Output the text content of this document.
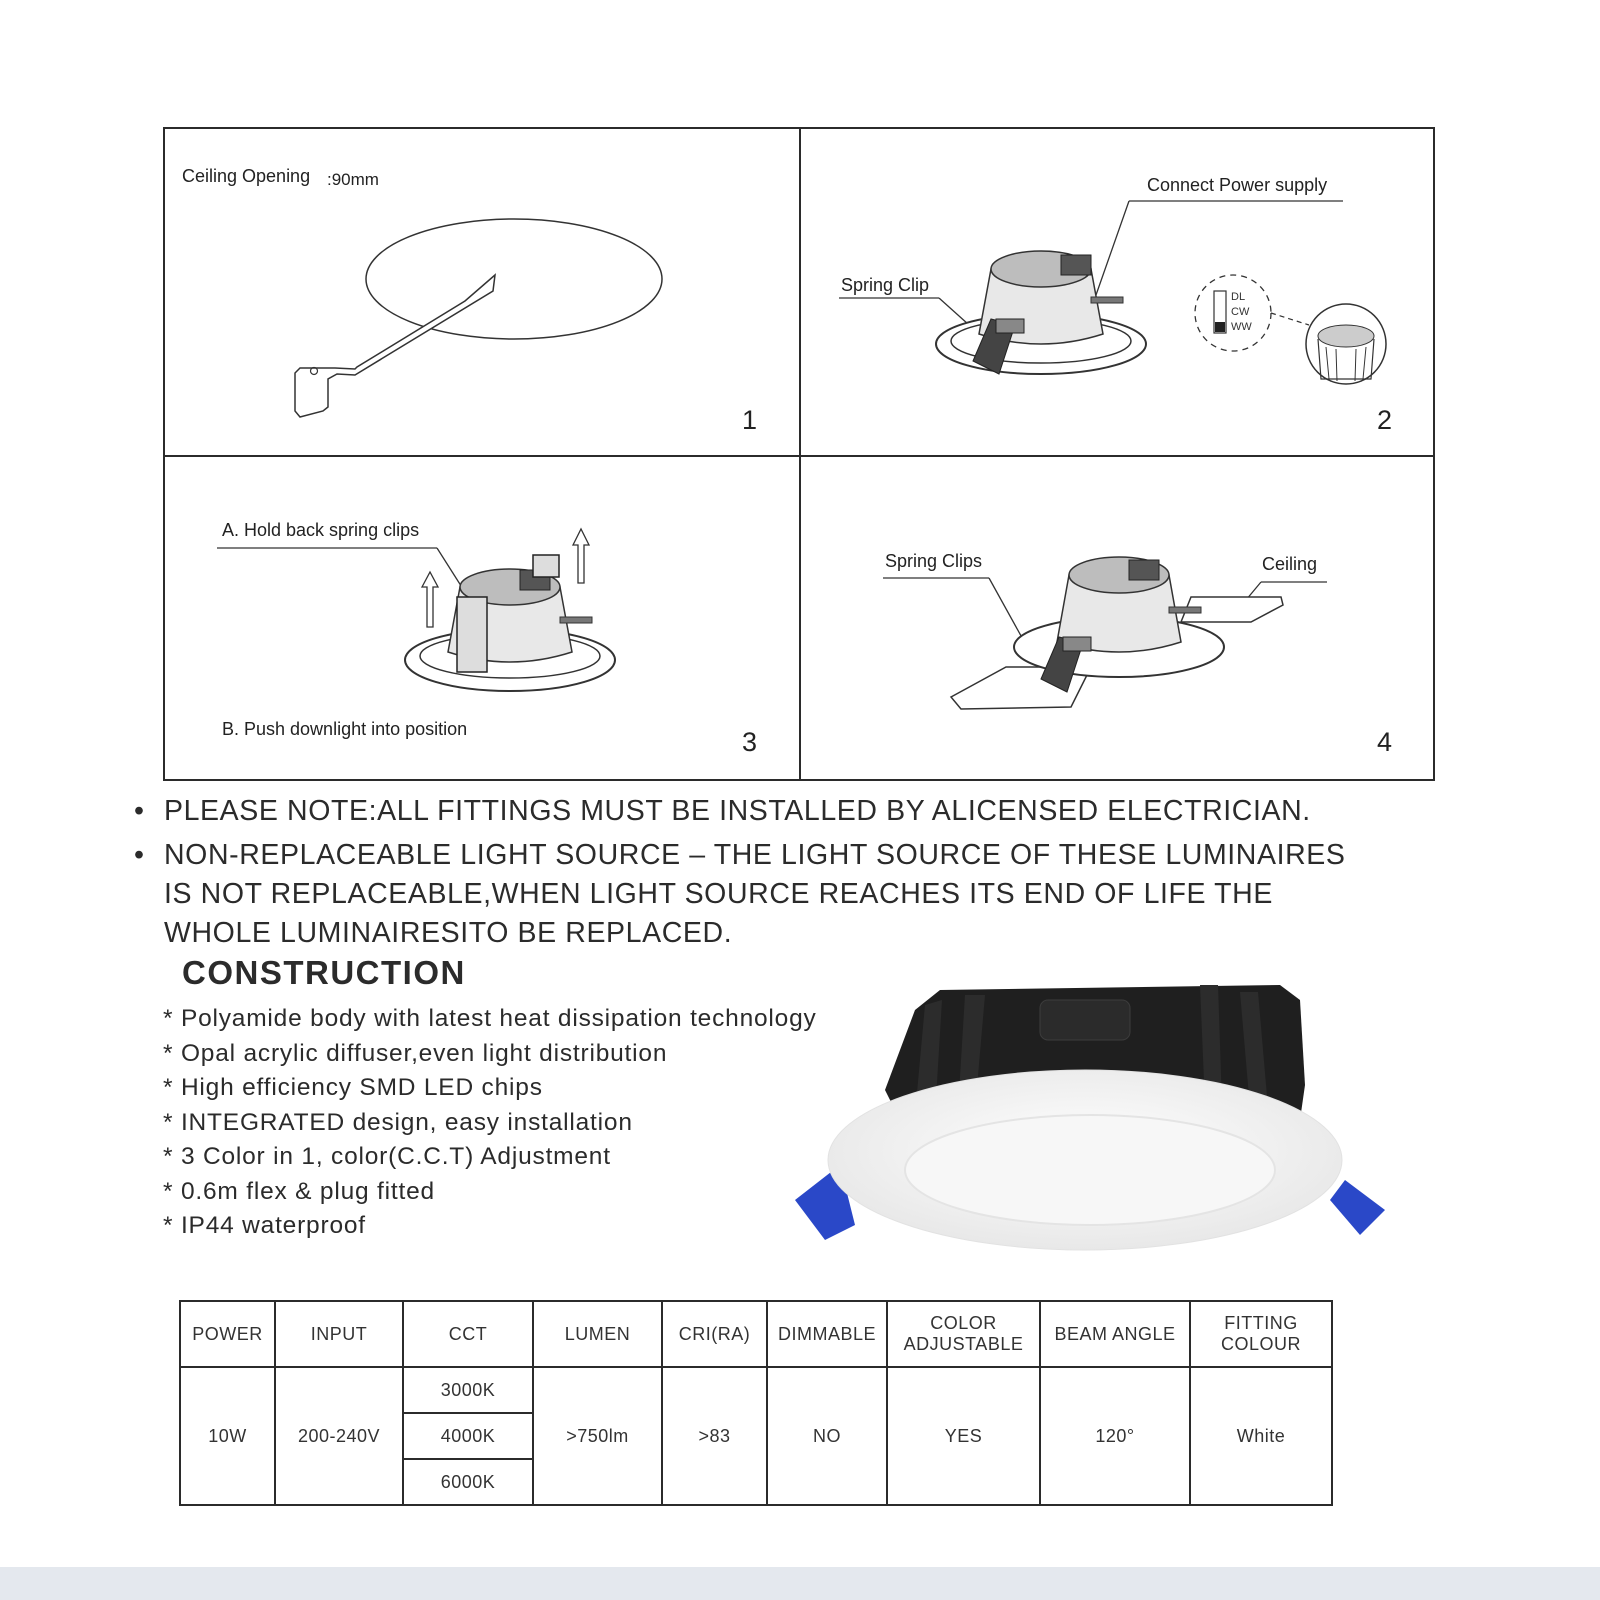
Ceiling Opening :90mm
1
Connect Power supply
Spring Clip
DL
CW
WW
2
A. Hold back spring clips
B. Push downlight into position	3
Spring Clips	Ceiling
4
• PLEASE NOTE:ALL FITTINGS MUST BE INSTALLED BY ALICENSED ELECTRICIAN.
• NON-REPLACEABLE LIGHT SOURCE – THE LIGHT SOURCE OF THESE LUMINAIRES
IS NOT REPLACEABLE,WHEN LIGHT SOURCE REACHES ITS END OF LIFE THE
WHOLE LUMINAIRESITO BE REPLACED.
CONSTRUCTION
* Polyamide body with latest heat dissipation technology
* Opal acrylic diffuser,even light distribution
* High efficiency SMD LED chips
* INTEGRATED design, easy installation
* 3 Color in 1, color(C.C.T) Adjustment
* 0.6m flex & plug fitted
* IP44 waterproof
POWER	INPUT	CCT	LUMEN	CRI(RA)	DIMMABLE	COLOR
ADJUSTABLE	BEAM ANGLE	FITTING
COLOUR
10W	200-240V	3000K	>750lm	>83	NO	YES	120°	White
		4000K						
		6000K						
